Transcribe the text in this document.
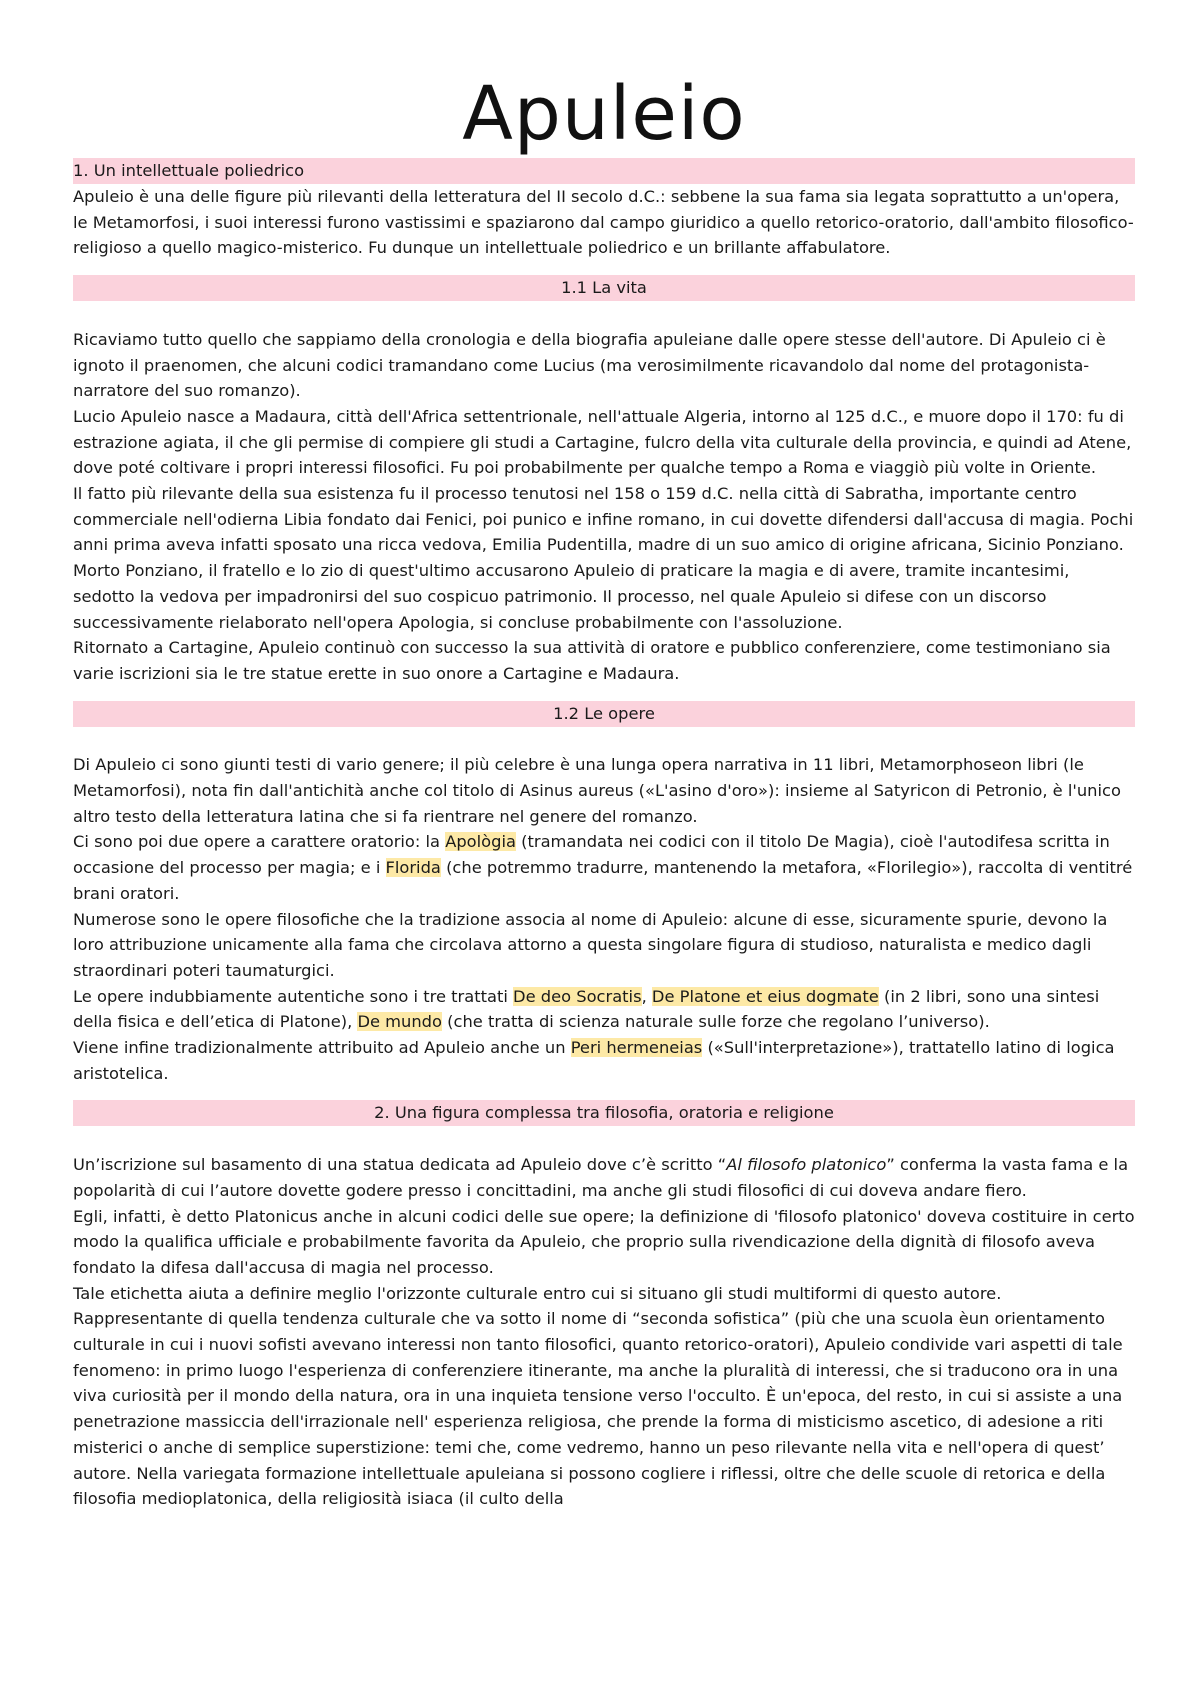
Apuleio
1. Un intellettuale poliedrico

Apuleio è una delle figure più rilevanti della letteratura del II secolo d.C.: sebbene la sua fama sia legata soprattutto a un'opera, le Metamorfosi, i suoi interessi furono vastissimi e spaziarono dal campo giuridico a quello retorico-oratorio, dall'ambito filosofico-religioso a quello magico-misterico. Fu dunque un intellettuale poliedrico e un brillante affabulatore.

1.1 La vita

Ricaviamo tutto quello che sappiamo della cronologia e della biografia apuleiane dalle opere stesse dell'autore. Di Apuleio ci è ignoto il praenomen, che alcuni codici tramandano come Lucius (ma verosimilmente ricavandolo dal nome del protagonista-narratore del suo romanzo).

Lucio Apuleio nasce a Madaura, città dell'Africa settentrionale, nell'attuale Algeria, intorno al 125 d.C., e muore dopo il 170: fu di estrazione agiata, il che gli permise di compiere gli studi a Cartagine, fulcro della vita culturale della provincia, e quindi ad Atene, dove poté coltivare i propri interessi filosofici. Fu poi probabilmente per qualche tempo a Roma e viaggiò più volte in Oriente.

Il fatto più rilevante della sua esistenza fu il processo tenutosi nel 158 o 159 d.C. nella città di Sabratha, importante centro commerciale nell'odierna Libia fondato dai Fenici, poi punico e infine romano, in cui dovette difendersi dall'accusa di magia. Pochi anni prima aveva infatti sposato una ricca vedova, Emilia Pudentilla, madre di un suo amico di origine africana, Sicinio Ponziano. Morto Ponziano, il fratello e lo zio di quest'ultimo accusarono Apuleio di praticare la magia e di avere, tramite incantesimi, sedotto la vedova per impadronirsi del suo cospicuo patrimonio. Il processo, nel quale Apuleio si difese con un discorso successivamente rielaborato nell'opera Apologia, si concluse probabilmente con l'assoluzione.

Ritornato a Cartagine, Apuleio continuò con successo la sua attività di oratore e pubblico conferenziere, come testimoniano sia varie iscrizioni sia le tre statue erette in suo onore a Cartagine e Madaura.

1.2 Le opere

Di Apuleio ci sono giunti testi di vario genere; il più celebre è una lunga opera narrativa in 11 libri, Metamorphoseon libri (le Metamorfosi), nota fin dall'antichità anche col titolo di Asinus aureus («L'asino d'oro»): insieme al Satyricon di Petronio, è l'unico altro testo della letteratura latina che si fa rientrare nel genere del romanzo.

Ci sono poi due opere a carattere oratorio: la Apològia (tramandata nei codici con il titolo De Magia), cioè l'autodifesa scritta in occasione del processo per magia; e i Florida (che potremmo tradurre, mantenendo la metafora, «Florilegio»), raccolta di ventitré brani oratori.

Numerose sono le opere filosofiche che la tradizione associa al nome di Apuleio: alcune di esse, sicuramente spurie, devono la loro attribuzione unicamente alla fama che circolava attorno a questa singolare figura di studioso, naturalista e medico dagli straordinari poteri taumaturgici.

Le opere indubbiamente autentiche sono i tre trattati De deo Socratis, De Platone et eius dogmate (in 2 libri, sono una sintesi della fisica e dell’etica di Platone), De mundo (che tratta di scienza naturale sulle forze che regolano l’universo).

Viene infine tradizionalmente attribuito ad Apuleio anche un Peri hermeneias («Sull'interpretazione»), trattatello latino di logica aristotelica.

2. Una figura complessa tra filosofia, oratoria e religione

Un’iscrizione sul basamento di una statua dedicata ad Apuleio dove c’è scritto “Al filosofo platonico” conferma la vasta fama e la popolarità di cui l’autore dovette godere presso i concittadini, ma anche gli studi filosofici di cui doveva andare fiero.

Egli, infatti, è detto Platonicus anche in alcuni codici delle sue opere; la definizione di 'filosofo platonico' doveva costituire in certo modo la qualifica ufficiale e probabilmente favorita da Apuleio, che proprio sulla rivendicazione della dignità di filosofo aveva fondato la difesa dall'accusa di magia nel processo.

Tale etichetta aiuta a definire meglio l'orizzonte culturale entro cui si situano gli studi multiformi di questo autore.

Rappresentante di quella tendenza culturale che va sotto il nome di “seconda sofistica” (più che una scuola èun orientamento culturale in cui i nuovi sofisti avevano interessi non tanto filosofici, quanto retorico-oratori), Apuleio condivide vari aspetti di tale fenomeno: in primo luogo l'esperienza di conferenziere itinerante, ma anche la pluralità di interessi, che si traducono ora in una viva curiosità per il mondo della natura, ora in una inquieta tensione verso l'occulto. È un'epoca, del resto, in cui si assiste a una penetrazione massiccia dell'irrazionale nell' esperienza religiosa, che prende la forma di misticismo ascetico, di adesione a riti misterici o anche di semplice superstizione: temi che, come vedremo, hanno un peso rilevante nella vita e nell'opera di quest’ autore. Nella variegata formazione intellettuale apuleiana si possono cogliere i riflessi, oltre che delle scuole di retorica e della filosofia medioplatonica, della religiosità isiaca (il culto della
